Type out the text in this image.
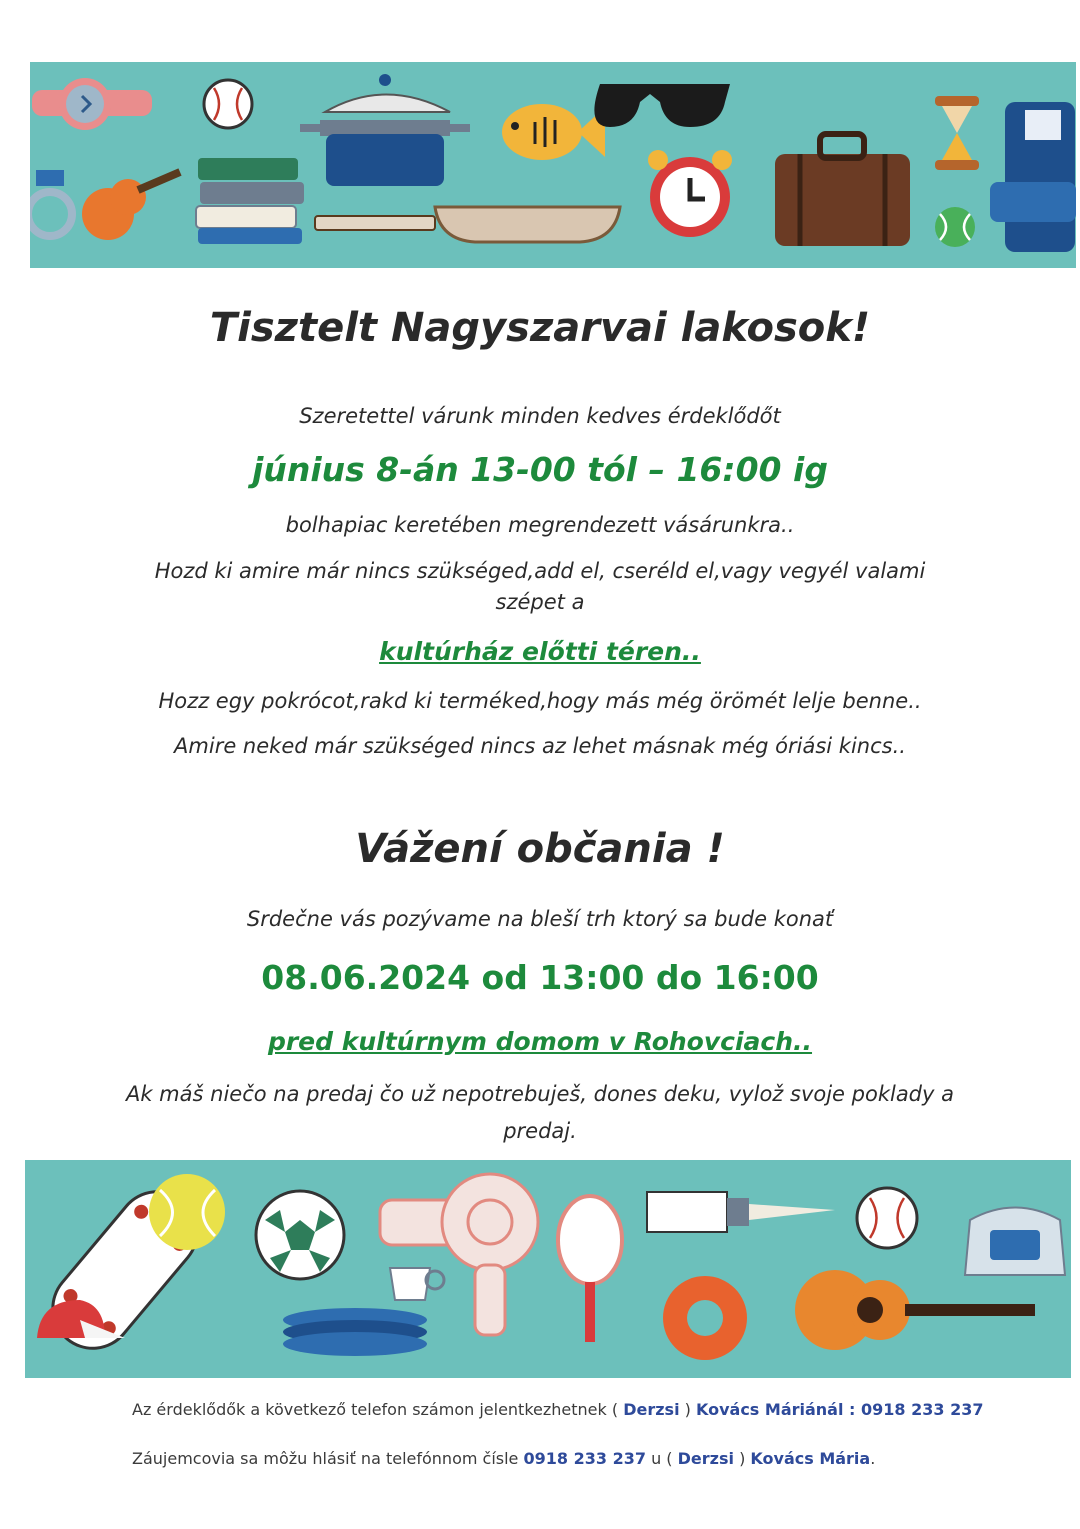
Tisztelt Nagyszarvai lakosok!
Szeretettel várunk minden kedves érdeklődőt
június 8-án 13-00 tól – 16:00 ig
bolhapiac keretében megrendezett vásárunkra..
Hozd ki amire már nincs szükséged,add el, cseréld el,vagy vegyél valami
szépet a
kultúrház előtti téren..
Hozz egy pokrócot,rakd ki terméked,hogy más még örömét lelje benne..
Amire neked már szükséged nincs az lehet másnak még óriási kincs..
Vážení občania !
Srdečne vás pozývame na bleší trh ktorý sa bude konať
08.06.2024 od 13:00 do 16:00
pred kultúrnym domom v Rohovciach..
Ak máš niečo na predaj čo už nepotrebuješ, dones deku, vylož svoje poklady a
predaj.
Az érdeklődők a következő telefon számon jelentkezhetnek ( Derzsi ) Kovács Máriánál : 0918 233 237
Záujemcovia sa môžu hlásiť na telefónnom čísle 0918 233 237 u ( Derzsi ) Kovács Mária.
